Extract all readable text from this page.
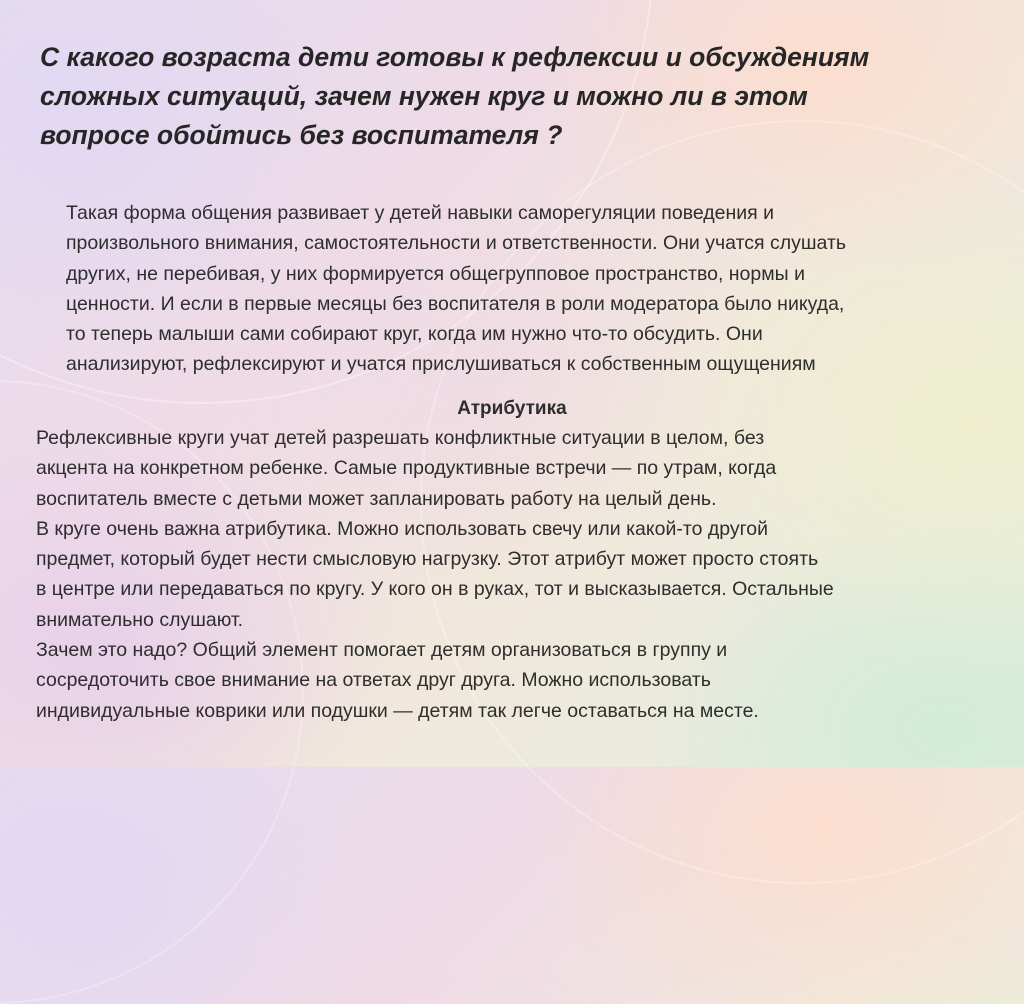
С какого возраста дети готовы к рефлексии и обсуждениям
сложных ситуаций, зачем нужен круг и можно ли в этом
вопросе обойтись без воспитателя ?

Такая форма общения развивает у детей навыки саморегуляции поведения и
произвольного внимания, самостоятельности и ответственности. Они учатся слушать
других, не перебивая, у них формируется общегрупповое пространство, нормы и
ценности. И если в первые месяцы без воспитателя в роли модератора было никуда,
то теперь малыши сами собирают круг, когда им нужно что-то обсудить. Они
анализируют, рефлексируют и учатся прислушиваться к собственным ощущениям

Атрибутика

Рефлексивные круги учат детей разрешать конфликтные ситуации в целом, без
акцента на конкретном ребенке. Самые продуктивные встречи — по утрам, когда
воспитатель вместе с детьми может запланировать работу на целый день.
В круге очень важна атрибутика. Можно использовать свечу или какой-то другой
предмет, который будет нести смысловую нагрузку. Этот атрибут может просто стоять
в центре или передаваться по кругу. У кого он в руках, тот и высказывается. Остальные
внимательно слушают.
Зачем это надо? Общий элемент помогает детям организоваться в группу и
сосредоточить свое внимание на ответах друг друга. Можно использовать
индивидуальные коврики или подушки — детям так легче оставаться на месте.
